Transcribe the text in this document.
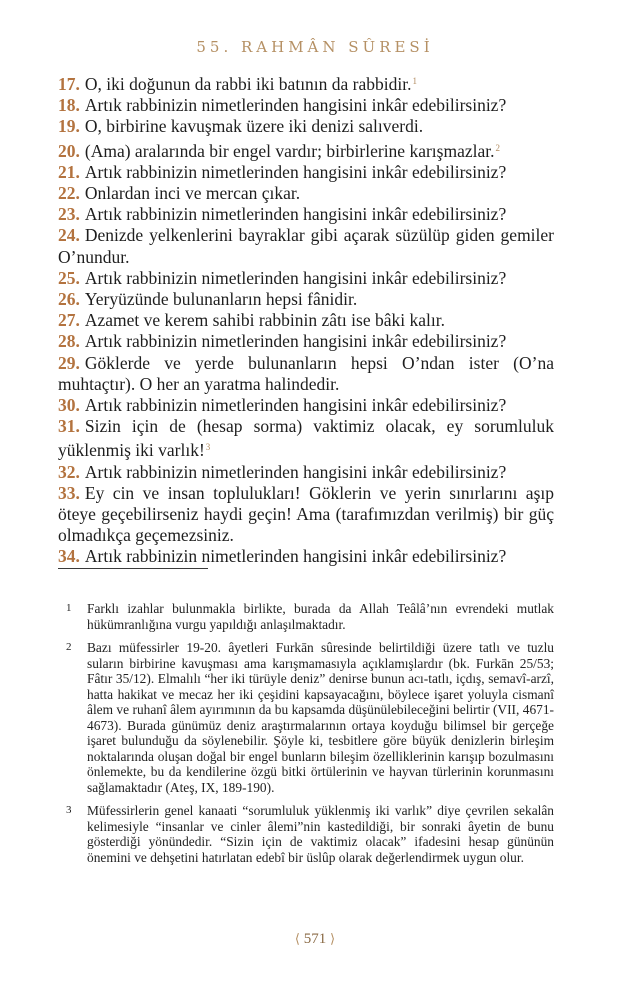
55. RAHMÂN SÛRESİ

17. O, iki doğunun da rabbi iki batının da rabbidir.$^1$

18. Artık rabbinizin nimetlerinden hangisini inkâr edebilirsiniz?

19. O, birbirine kavuşmak üzere iki denizi salıverdi.

20. (Ama) aralarında bir engel vardır; birbirlerine karışmazlar.$^2$

21. Artık rabbinizin nimetlerinden hangisini inkâr edebilirsiniz?

22. Onlardan inci ve mercan çıkar.

23. Artık rabbinizin nimetlerinden hangisini inkâr edebilirsiniz?

24. Denizde yelkenlerini bayraklar gibi açarak süzülüp giden gemiler O’nundur.

25. Artık rabbinizin nimetlerinden hangisini inkâr edebilirsiniz?

26. Yeryüzünde bulunanların hepsi fânidir.

27. Azamet ve kerem sahibi rabbinin zâtı ise bâki kalır.

28. Artık rabbinizin nimetlerinden hangisini inkâr edebilirsiniz?

29. Göklerde ve yerde bulunanların hepsi O’ndan ister (O’na muhtaçtır). O her an yaratma halindedir.

30. Artık rabbinizin nimetlerinden hangisini inkâr edebilirsiniz?

31. Sizin için de (hesap sorma) vaktimiz olacak, ey sorumluluk yüklenmiş iki varlık!$^3$

32. Artık rabbinizin nimetlerinden hangisini inkâr edebilirsiniz?

33. Ey cin ve insan toplulukları! Göklerin ve yerin sınırlarını aşıp öteye geçebilirseniz haydi geçin! Ama (tarafımızdan verilmiş) bir güç olmadıkça geçemezsiniz.

34. Artık rabbinizin nimetlerinden hangisini inkâr edebilirsiniz?

1 Farklı izahlar bulunmakla birlikte, burada da Allah Teâlâ’nın evrendeki mutlak hükümranlığına vurgu yapıldığı anlaşılmaktadır.

2 Bazı müfessirler 19-20. âyetleri Furkān sûresinde belirtildiği üzere tatlı ve tuzlu suların birbirine kavuşması ama karışmamasıyla açıklamışlardır (bk. Furkān 25/53; Fâtır 35/12). Elmalılı “her iki türüyle deniz” denirse bunun acı-tatlı, içdış, semavî-arzî, hatta hakikat ve mecaz her iki çeşidini kapsayacağını, böylece işaret yoluyla cismanî âlem ve ruhanî âlem ayırımının da bu kapsamda düşünülebileceğini belirtir (VII, 4671-4673). Burada günümüz deniz araştırmalarının ortaya koyduğu bilimsel bir gerçeğe işaret bulunduğu da söylenebilir. Şöyle ki, tesbitlere göre büyük denizlerin birleşim noktalarında oluşan doğal bir engel bunların bileşim özelliklerinin karışıp bozulmasını önlemekte, bu da kendilerine özgü bitki örtülerinin ve hayvan türlerinin korunmasını sağlamaktadır (Ateş, IX, 189-190).

3 Müfessirlerin genel kanaati “sorumluluk yüklenmiş iki varlık” diye çevrilen sekalân kelimesiyle “insanlar ve cinler âlemi”nin kastedildiği, bir sonraki âyetin de bunu gösterdiği yönündedir. “Sizin için de vaktimiz olacak” ifadesini hesap gününün önemini ve dehşetini hatırlatan edebî bir üslûp olarak değerlendirmek uygun olur.

⟨ 571 ⟩
